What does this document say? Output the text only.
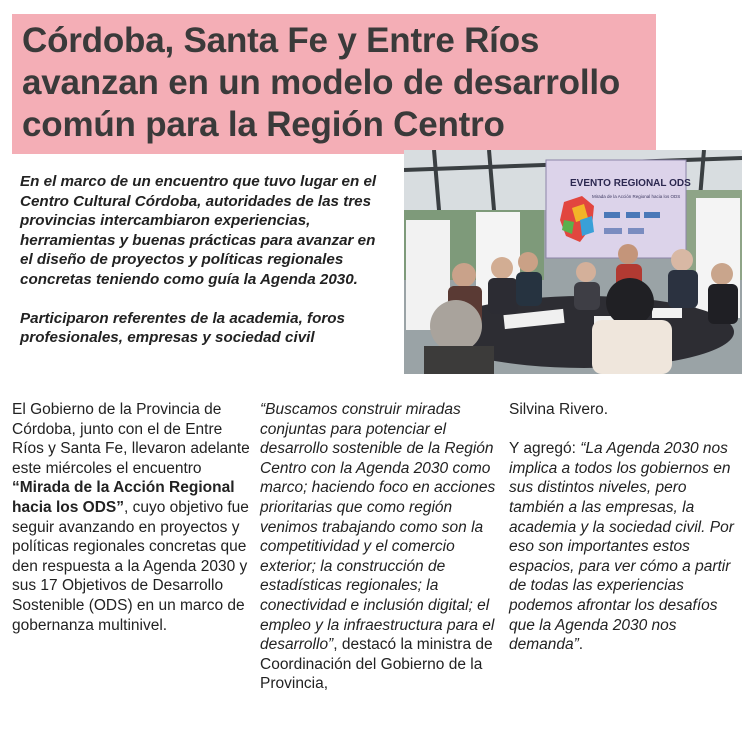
Córdoba, Santa Fe y Entre Ríos avanzan en un modelo de desarrollo común para la Región Centro
EVENTO REGIONAL ODS
Mirada de la Acción Regional hacia los ODS

En el marco de un encuentro que tuvo lugar en el Centro Cultural Córdoba, autoridades de las tres provincias intercambiaron experiencias, herramientas y buenas prácticas para avanzar en el diseño de proyectos y políticas regionales concretas teniendo como guía la Agenda 2030.

Participaron referentes de la academia, foros profesionales, empresas y sociedad civil

El Gobierno de la Provincia de Córdoba, junto con el de Entre Ríos y Santa Fe, llevaron adelante este miércoles el encuentro “Mirada de la Acción Regional hacia los ODS”, cuyo objetivo fue seguir avanzando en proyectos y políticas regionales concretas que den respuesta a la Agenda 2030 y sus 17 Objetivos de Desarrollo Sostenible (ODS) en un marco de gobernanza multinivel.

“Buscamos construir miradas conjuntas para potenciar el desarrollo sostenible de la Región Centro con la Agenda 2030 como marco; haciendo foco en acciones prioritarias que como región venimos trabajando como son la competitividad y el comercio exterior; la construcción de estadísticas regionales; la conectividad e inclusión digital; el empleo y la infraestructura para el desarrollo”, destacó la ministra de Coordinación del Gobierno de la Provincia,

Silvina Rivero.

Y agregó: “La Agenda 2030 nos implica a todos los gobiernos en sus distintos niveles, pero también a las empresas, la academia y la sociedad civil. Por eso son importantes estos espacios, para ver cómo a partir de todas las experiencias podemos afrontar los desafíos que la Agenda 2030 nos demanda”.
